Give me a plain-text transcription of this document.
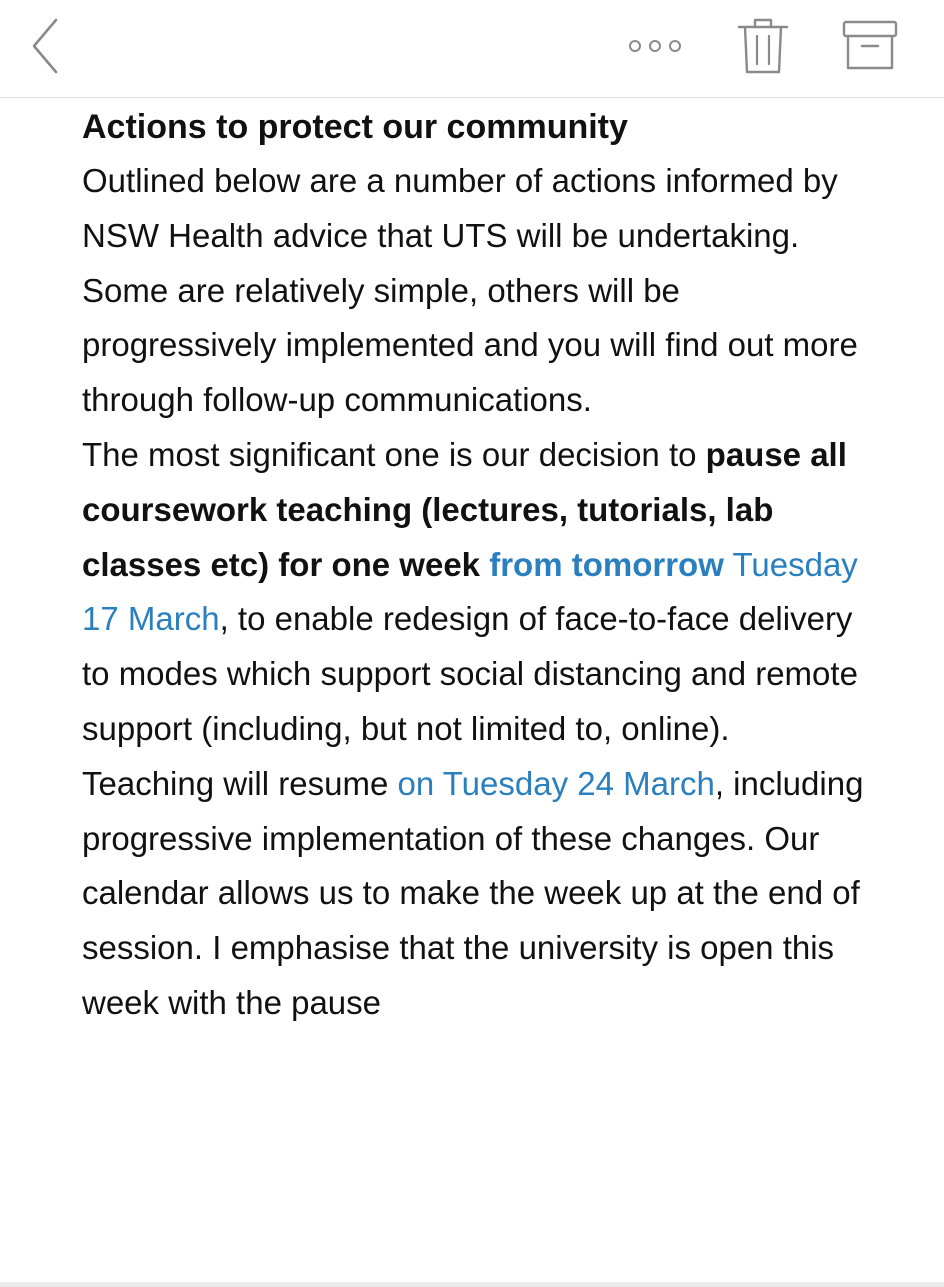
Actions to protect our community

Outlined below are a number of actions informed by NSW Health advice that UTS will be undertaking. Some are relatively simple, others will be progressively implemented and you will find out more through follow-up communications.

The most significant one is our decision to pause all coursework teaching (lectures, tutorials, lab classes etc) for one week from tomorrow Tuesday 17 March, to enable redesign of face-to-face delivery to modes which support social distancing and remote support (including, but not limited to, online).

Teaching will resume on Tuesday 24 March, including progressive implementation of these changes. Our calendar allows us to make the week up at the end of session. I emphasise that the university is open this week with the pause
